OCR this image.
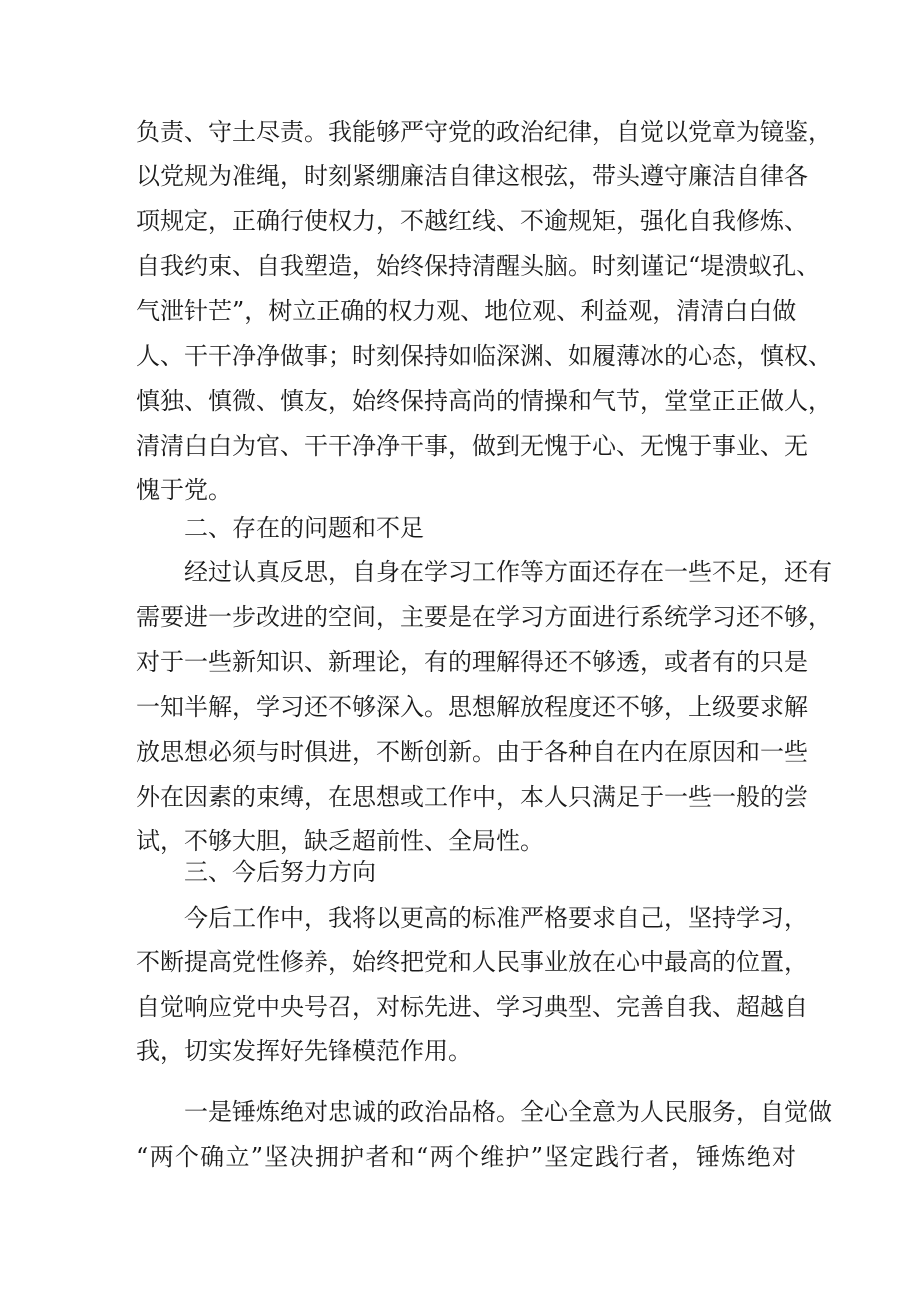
负责、守土尽责。我能够严守党的政治纪律，自觉以党章为镜鉴，
以党规为准绳，时刻紧绷廉洁自律这根弦，带头遵守廉洁自律各
项规定，正确行使权力，不越红线、不逾规矩，强化自我修炼、
自我约束、自我塑造，始终保持清醒头脑。时刻谨记“堤溃蚁孔、
气泄针芒”，树立正确的权力观、地位观、利益观，清清白白做
人、干干净净做事；时刻保持如临深渊、如履薄冰的心态，慎权、
慎独、慎微、慎友，始终保持高尚的情操和气节，堂堂正正做人，
清清白白为官、干干净净干事，做到无愧于心、无愧于事业、无
愧于党。
二、存在的问题和不足
经过认真反思，自身在学习工作等方面还存在一些不足，还有
需要进一步改进的空间，主要是在学习方面进行系统学习还不够，
对于一些新知识、新理论，有的理解得还不够透，或者有的只是
一知半解，学习还不够深入。思想解放程度还不够，上级要求解
放思想必须与时俱进，不断创新。由于各种自在内在原因和一些
外在因素的束缚，在思想或工作中，本人只满足于一些一般的尝
试，不够大胆，缺乏超前性、全局性。
三、今后努力方向
今后工作中，我将以更高的标准严格要求自己，坚持学习，
不断提高党性修养，始终把党和人民事业放在心中最高的位置，
自觉响应党中央号召，对标先进、学习典型、完善自我、超越自
我，切实发挥好先锋模范作用。
一是锤炼绝对忠诚的政治品格。全心全意为人民服务，自觉做
“两个确立”坚决拥护者和“两个维护”坚定践行者，锤炼绝对
